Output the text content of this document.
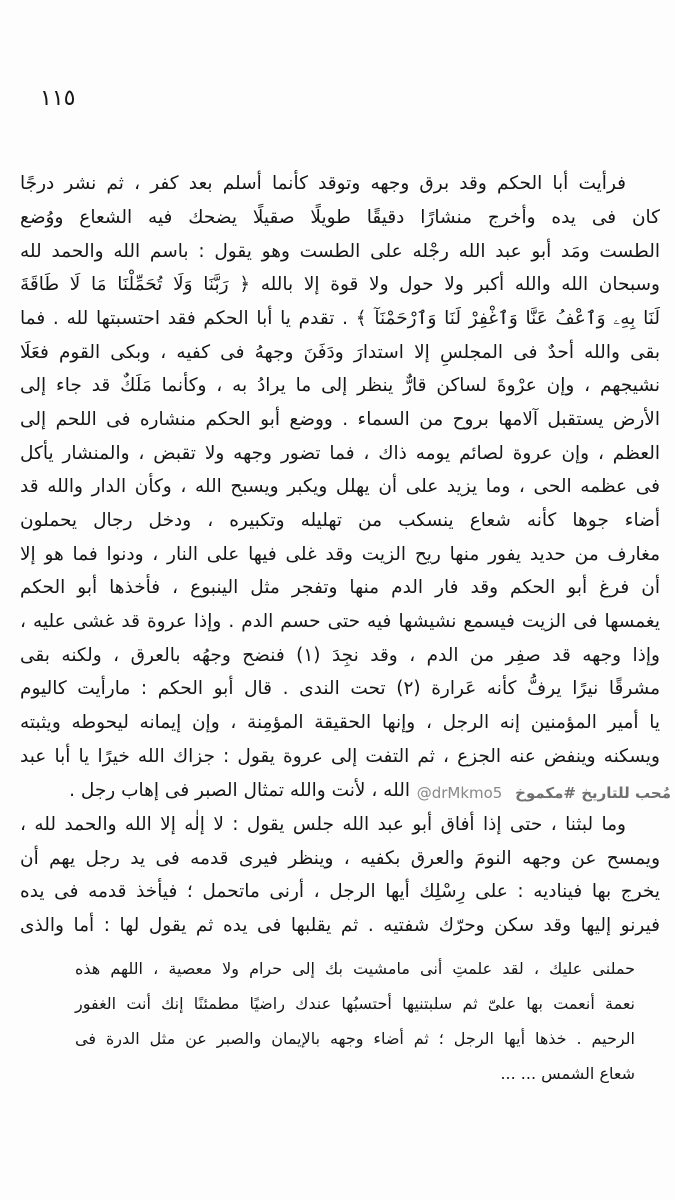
١١٥
فرأيت أبا الحكم وقد برق وجهه وتوقد كأنما أسلم بعد كفر ، ثم نشر درجًا
كان فى يده وأخرج منشارًا دقيقًا طويلًا صقيلًا يضحك فيه الشعاع ووُضع
الطست ومَد أبو عبد الله رجْله على الطست وهو يقول : باسم الله والحمد لله
وسبحان الله والله أكبر ولا حول ولا قوة إلا بالله ﴿ رَبَّنَا وَلَا تُحَمِّلْنَا مَا لَا طَاقَةَ
لَنَا بِهِۦ وَٱعْفُ عَنَّا وَٱغْفِرْ لَنَا وَٱرْحَمْنَآ ﴾ . تقدم يا أبا الحكم فقد احتسبتها لله . فما
بقى والله أحدٌ فى المجلسِ إلا استدارَ ودَفَنَ وجههُ فى كفيه ، وبكى القوم فعَلَا
نشيجهم ، وإن عرْوةَ لساكن قارٌّ ينظر إلى ما يرادُ به ، وكأنما مَلَكٌ قد جاء إلى
الأرض يستقبل آلامها بروح من السماء . ووضع أبو الحكم منشاره فى اللحم إلى
العظم ، وإن عروة لصائم يومه ذاك ، فما تضور وجهه ولا تقبض ، والمنشار يأكل
فى عظمه الحى ، وما يزيد على أن يهلل ويكبر ويسبح الله ، وكأن الدار والله قد
أضاء جوها كأنه شعاع ينسكب من تهليله وتكبيره ، ودخل رجال يحملون
مغارف من حديد يفور منها ريح الزيت وقد غلى فيها على النار ، ودنوا فما هو إلا
أن فرغ أبو الحكم وقد فار الدم منها وتفجر مثل الينبوع ، فأخذها أبو الحكم
يغمسها فى الزيت فيسمع نشيشها فيه حتى حسم الدم . وإذا عروة قد غشى عليه ،
وإذا وجهه قد صفِر من الدم ، وقد نجِدَ (١) فنضح وجهُه بالعرق ، ولكنه بقى
مشرقًا نيرًا يرفُّ كأنه عَرارة (٢) تحت الندى . قال أبو الحكم : مارأيت كاليوم
يا أمير المؤمنين إنه الرجل ، وإنها الحقيقة المؤمِنة ، وإن إيمانه ليحوطه ويثبته
ويسكنه وينفض عنه الجزع ، ثم التفت إلى عروة يقول : جزاك الله خيرًا يا أبا عبد
الله ، لأنت والله تمثال الصبر فى إهاب رجل .
وما لبثنا ، حتى إذا أفاق أبو عبد الله جلس يقول : لا إلٰه إلا الله والحمد لله ،
ويمسح عن وجهه النومَ والعرق بكفيه ، وينظر فيرى قدمه فى يد رجل يهم أن
يخرج بها فيناديه : على رِسْلِك أيها الرجل ، أرنى ماتحمل ؛ فيأخذ قدمه فى يده
فيرنو إليها وقد سكن وحرّك شفتيه . ثم يقلبها فى يده ثم يقول لها : أما والذى
مُحب للتاريخ #مكموخ @drMkmo5
حملنى عليك ، لقد علمتِ أنى مامشيت بك إلى حرام ولا معصية ، اللهم هذه
نعمة أنعمت بها علىّ ثم سلبتنيها أحتسبُها عندك راضيًا مطمئنًا إنك أنت الغفور
الرحيم . خذها أيها الرجل ؛ ثم أضاء وجهه بالإيمان والصبر عن مثل الدرة فى
شعاع الشمس ... ...
